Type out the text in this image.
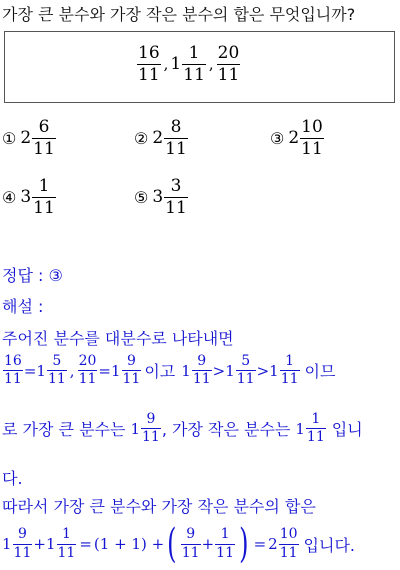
가장 큰 분수와 가장 작은 분수의 합은 무엇입니까?
16
11
, 1
1
11
,
20
11
① 2
6
11
② 2
8
11
③ 2
10
11
④ 3
1
11
⑤ 3
3
11
정답 : ③
해설 :
주어진 분수를 대분수로 나타내면
16
11 = 1
5
11 ,
20
11 = 1
9
11 이고 1
9
11 > 1
5
11 > 1
1
11 이므
로 가장 큰 분수는 1
9
11 , 가장 작은 분수는 1
1
11 입니
다.
따라서 가장 큰 분수와 가장 작은 분수의 합은
1
9
11 + 1
1
11 = (1 + 1) + ( 9
11 +
1
11 ) = 2
10
11 입니다.
